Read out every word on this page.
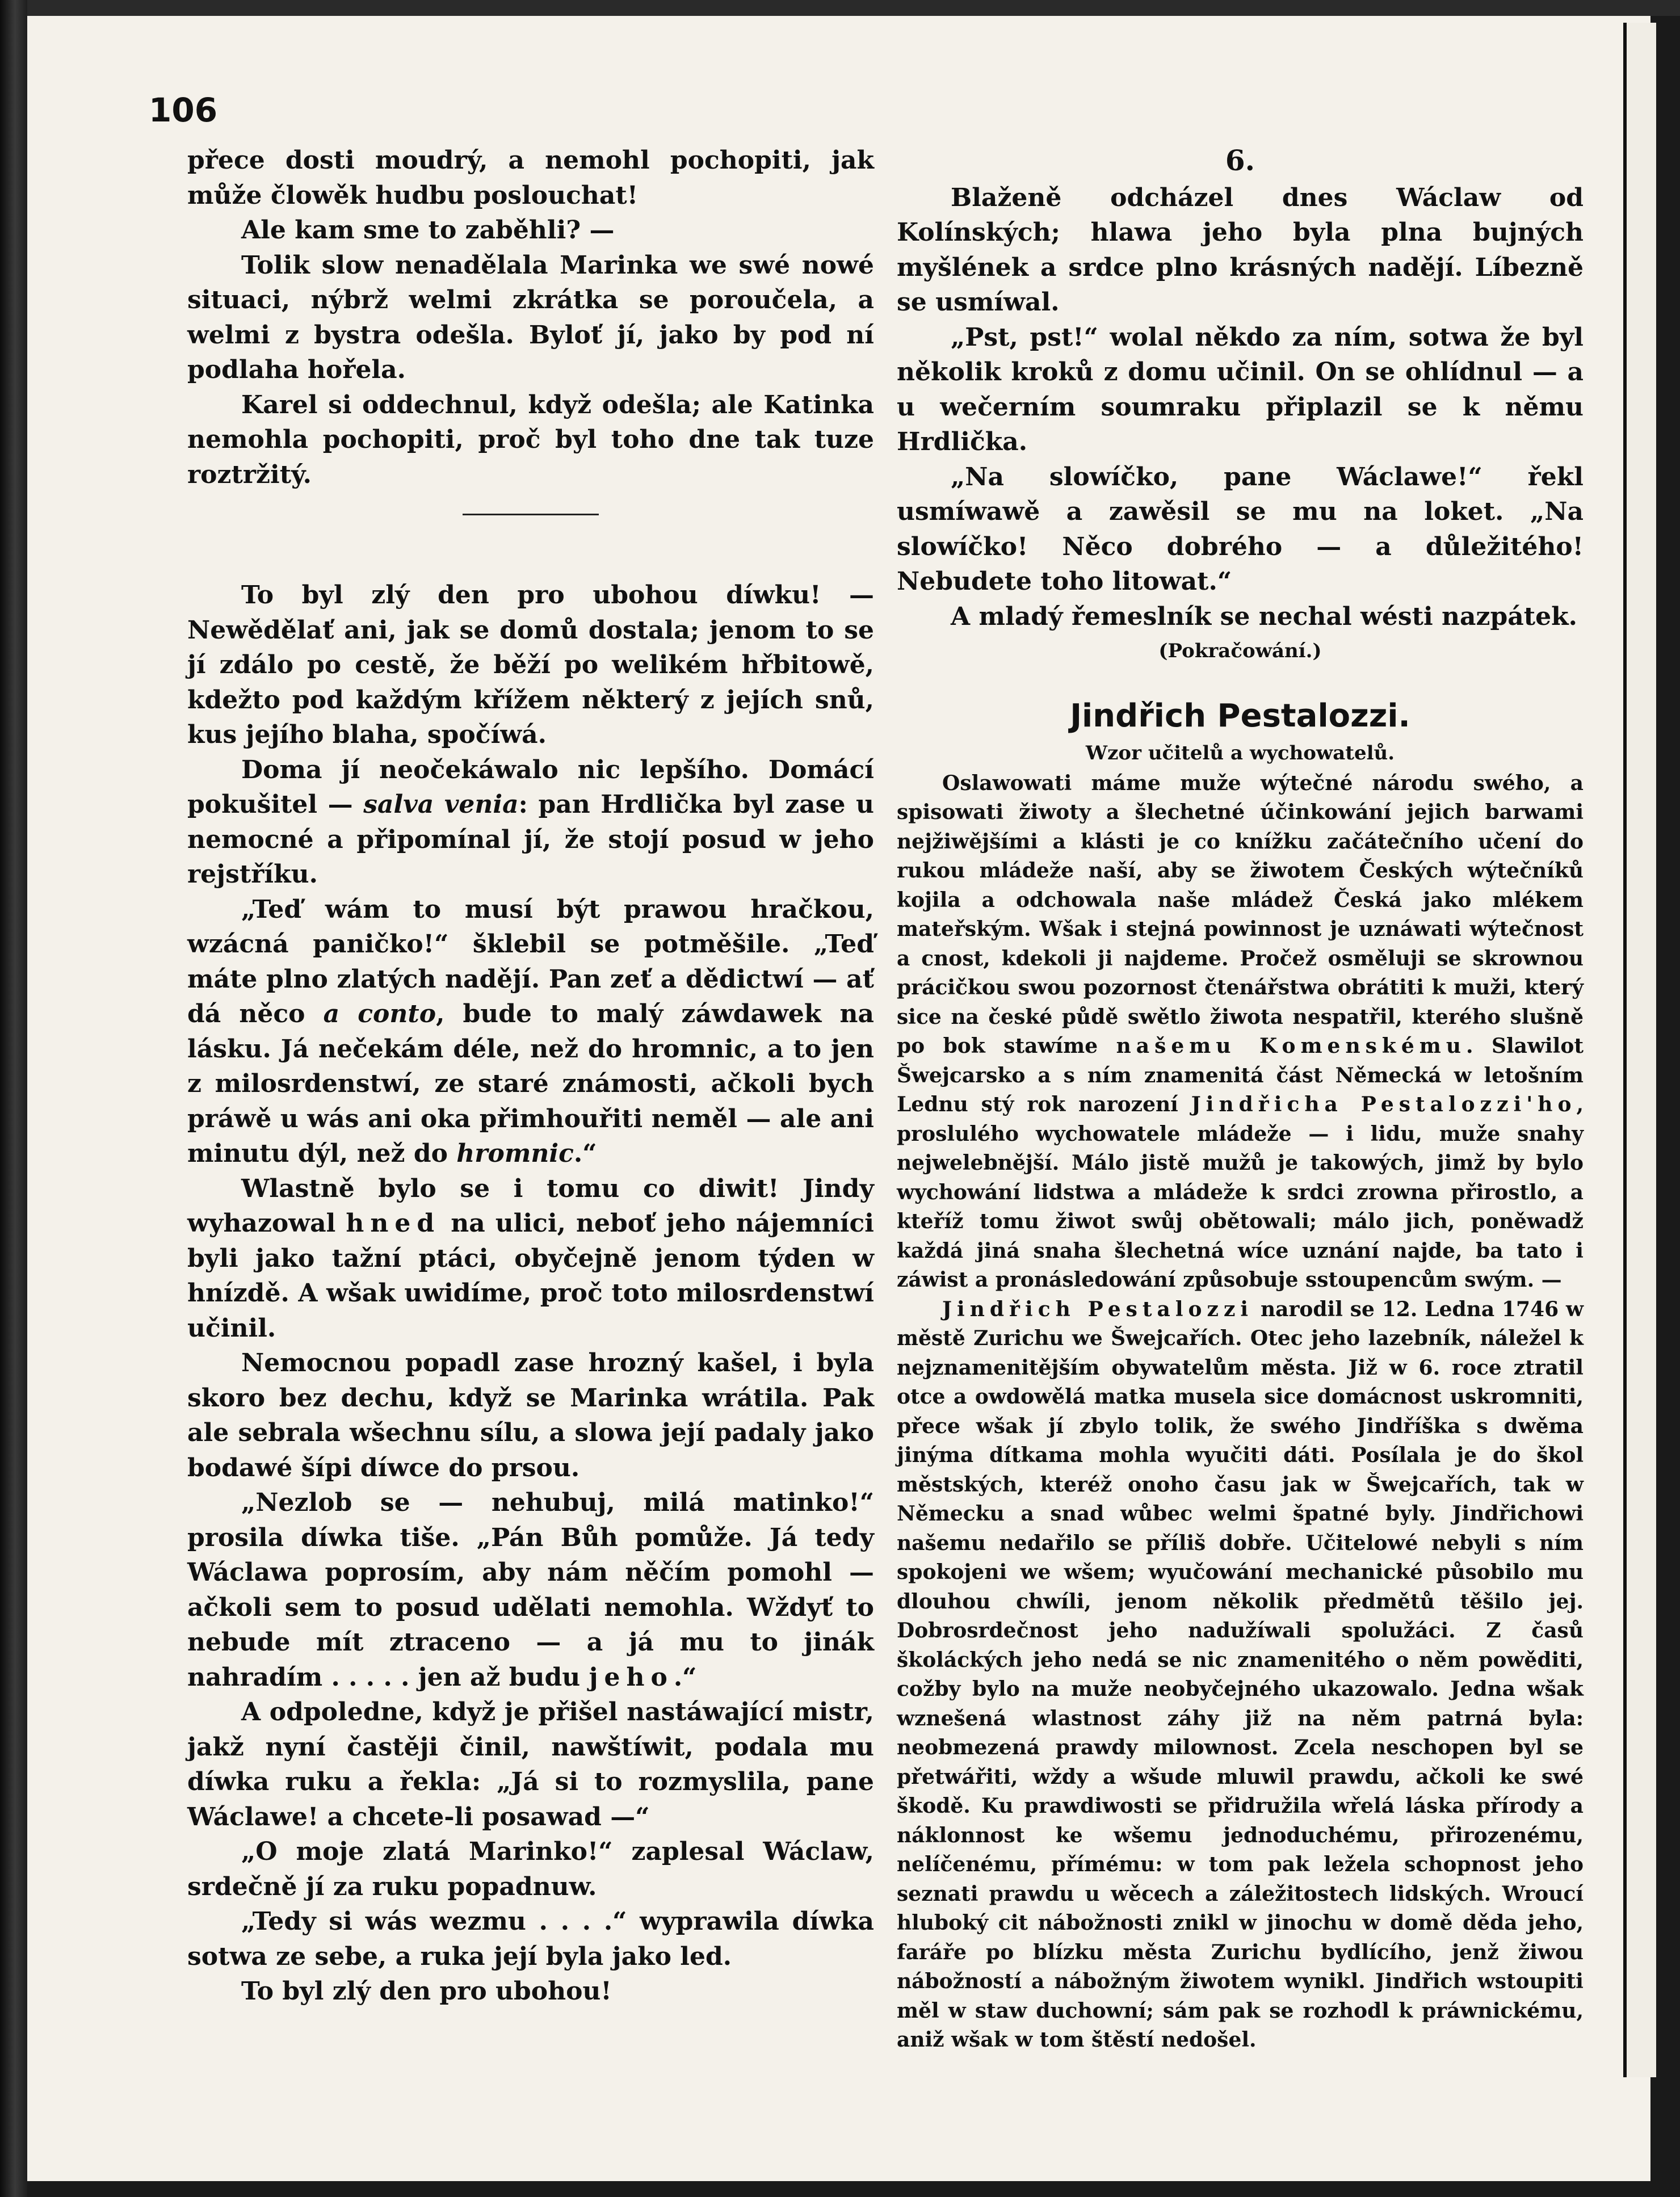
106

přece dosti moudrý, a nemohl pochopiti, jak může člowěk hudbu poslouchat!

Ale kam sme to zaběhli? —

Tolik slow nenadělala Marinka we swé nowé situaci, nýbrž welmi zkrátka se poroučela, a welmi z bystra odešla. Byloť jí, jako by pod ní podlaha hořela.

Karel si oddechnul, když odešla; ale Katinka nemohla pochopiti, proč byl toho dne tak tuze roztržitý.

To byl zlý den pro ubohou díwku! — Newědělať ani, jak se domů dostala; jenom to se jí zdálo po cestě, že běží po welikém hřbitowě, kdežto pod každým křížem některý z jejích snů, kus jejího blaha, spočíwá.

Doma jí neočekáwalo nic lepšího. Domácí pokušitel — salva venia: pan Hrdlička byl zase u nemocné a připomínal jí, že stojí posud w jeho rejstříku.

„Teď wám to musí být prawou hračkou, wzácná paničko!“ šklebil se potměšile. „Teď máte plno zlatých nadějí. Pan zeť a dědictwí — ať dá něco a conto, bude to malý záwdawek na lásku. Já nečekám déle, než do hromnic, a to jen z milosrdenstwí, ze staré známosti, ačkoli bych práwě u wás ani oka přimhouřiti neměl — ale ani minutu dýl, než do hromnic.“

Wlastně bylo se i tomu co diwit! Jindy wyhazowal hned na ulici, neboť jeho nájemníci byli jako tažní ptáci, obyčejně jenom týden w hnízdě. A wšak uwidíme, proč toto milosrdenstwí učinil.

Nemocnou popadl zase hrozný kašel, i byla skoro bez dechu, když se Marinka wrátila. Pak ale sebrala wšechnu sílu, a slowa její padaly jako bodawé šípi díwce do prsou.

„Nezlob se — nehubuj, milá matinko!“ prosila díwka tiše. „Pán Bůh pomůže. Já tedy Wáclawa poprosím, aby nám něčím pomohl — ačkoli sem to posud udělati nemohla. Wždyť to nebude mít ztraceno — a já mu to jinák nahradím . . . . . jen až budu jeho.“

A odpoledne, když je přišel nastáwající mistr, jakž nyní častěji činil, nawštíwit, podala mu díwka ruku a řekla: „Já si to rozmyslila, pane Wáclawe! a chcete-li posawad —“

„O moje zlatá Marinko!“ zaplesal Wáclaw, srdečně jí za ruku popadnuw.

„Tedy si wás wezmu . . . .“ wyprawila díwka sotwa ze sebe, a ruka její byla jako led.

To byl zlý den pro ubohou!

6.

Blaženě odcházel dnes Wáclaw od Kolínských; hlawa jeho byla plna bujných myšlének a srdce plno krásných nadějí. Líbezně se usmíwal.

„Pst, pst!“ wolal někdo za ním, sotwa že byl několik kroků z domu učinil. On se ohlídnul — a u wečerním soumraku připlazil se k němu Hrdlička.

„Na slowíčko, pane Wáclawe!“ řekl usmíwawě a zawěsil se mu na loket. „Na slowíčko! Něco dobrého — a důležitého! Nebudete toho litowat.“

A mladý řemeslník se nechal wésti nazpátek.

(Pokračowání.)
Jindřich Pestalozzi.
Wzor učitelů a wychowatelů.

Oslawowati máme muže wýtečné národu swého, a spisowati žiwoty a šlechetné účinkowání jejich barwami nejžiwějšími a klásti je co knížku začátečního učení do rukou mládeže naší, aby se žiwotem Českých wýtečníků kojila a odchowala naše mládež Česká jako mlékem mateřským. Wšak i stejná powinnost je uznáwati wýtečnost a cnost, kdekoli ji najdeme. Pročež osměluji se skrownou prácičkou swou pozornost čtenářstwa obrátiti k muži, který sice na české půdě swětlo žiwota nespatřil, kterého slušně po bok stawíme našemu Komenskému. Slawilot Šwejcarsko a s ním znamenitá část Německá w letošním Lednu stý rok narození Jindřicha Pestalozzi'ho, proslulého wychowatele mládeže — i lidu, muže snahy nejwelebnější. Málo jistě mužů je takowých, jimž by bylo wychowání lidstwa a mládeže k srdci zrowna přirostlo, a kteříž tomu žiwot swůj obětowali; málo jich, poněwadž každá jiná snaha šlechetná wíce uznání najde, ba tato i záwist a pronásledowání způsobuje sstoupencům swým. —

Jindřich Pestalozzi narodil se 12. Ledna 1746 w městě Zurichu we Šwejcařích. Otec jeho lazebník, náležel k nejznamenitějším obywatelům města. Již w 6. roce ztratil otce a owdowělá matka musela sice domácnost uskromniti, přece wšak jí zbylo tolik, že swého Jindříška s dwěma jinýma dítkama mohla wyučiti dáti. Posílala je do škol městských, kteréž onoho času jak w Šwejcařích, tak w Německu a snad wůbec welmi špatné byly. Jindřichowi našemu nedařilo se příliš dobře. Učitelowé nebyli s ním spokojeni we wšem; wyučowání mechanické působilo mu dlouhou chwíli, jenom několik předmětů těšilo jej. Dobrosrdečnost jeho nadužíwali spolužáci. Z časů školáckých jeho nedá se nic znamenitého o něm powěditi, cožby bylo na muže neobyčejného ukazowalo. Jedna wšak wznešená wlastnost záhy již na něm patrná byla: neobmezená prawdy milownost. Zcela neschopen byl se přetwářiti, wždy a wšude mluwil prawdu, ačkoli ke swé škodě. Ku prawdiwosti se přidružila wřelá láska přírody a náklonnost ke wšemu jednoduchému, přirozenému, nelíčenému, přímému: w tom pak ležela schopnost jeho seznati prawdu u wěcech a záležitostech lidských. Wroucí hluboký cit nábožnosti znikl w jinochu w domě děda jeho, faráře po blízku města Zurichu bydlícího, jenž žiwou nábožností a nábožným žiwotem wynikl. Jindřich wstoupiti měl w staw duchowní; sám pak se rozhodl k práwnickému, aniž wšak w tom štěstí nedošel.
